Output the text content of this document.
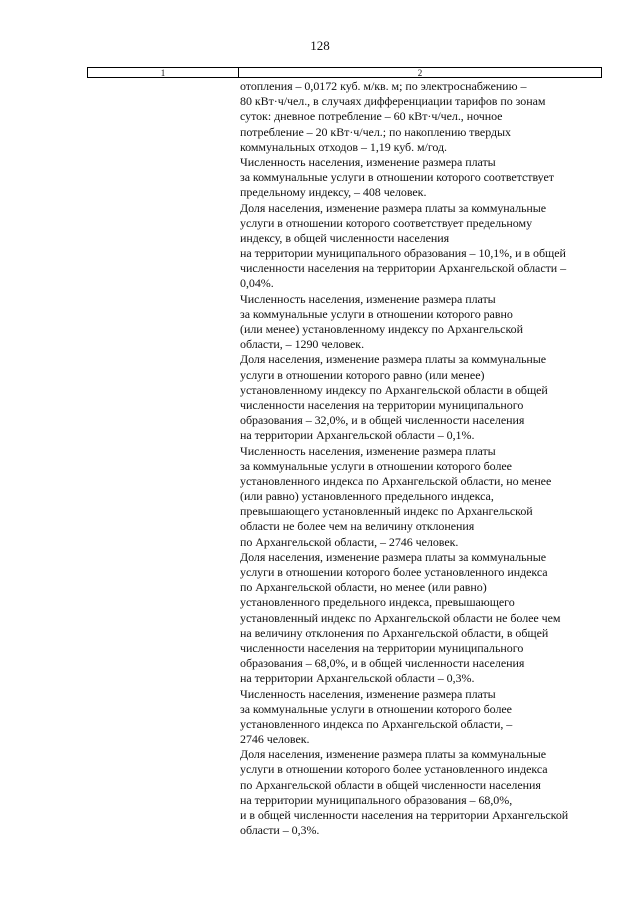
128
1	2
отопления – 0,0172 куб. м/кв. м; по электроснабжению –
80 кВт·ч/чел., в случаях дифференциации тарифов по зонам
суток: дневное потребление – 60 кВт·ч/чел., ночное
потребление – 20 кВт·ч/чел.; по накоплению твердых
коммунальных отходов – 1,19 куб. м/год.
Численность населения, изменение размера платы
за коммунальные услуги в отношении которого соответствует
предельному индексу, – 408 человек.
Доля населения, изменение размера платы за коммунальные
услуги в отношении которого соответствует предельному
индексу, в общей численности населения
на территории муниципального образования – 10,1%, и в общей
численности населения на территории Архангельской области –
0,04%.
Численность населения, изменение размера платы
за коммунальные услуги в отношении которого равно
(или менее) установленному индексу по Архангельской
области, – 1290 человек.
Доля населения, изменение размера платы за коммунальные
услуги в отношении которого равно (или менее)
установленному индексу по Архангельской области в общей
численности населения на территории муниципального
образования – 32,0%, и в общей численности населения
на территории Архангельской области – 0,1%.
Численность населения, изменение размера платы
за коммунальные услуги в отношении которого более
установленного индекса по Архангельской области, но менее
(или равно) установленного предельного индекса,
превышающего установленный индекс по Архангельской
области не более чем на величину отклонения
по Архангельской области, – 2746 человек.
Доля населения, изменение размера платы за коммунальные
услуги в отношении которого более установленного индекса
по Архангельской области, но менее (или равно)
установленного предельного индекса, превышающего
установленный индекс по Архангельской области не более чем
на величину отклонения по Архангельской области, в общей
численности населения на территории муниципального
образования – 68,0%, и в общей численности населения
на территории Архангельской области – 0,3%.
Численность населения, изменение размера платы
за коммунальные услуги в отношении которого более
установленного индекса по Архангельской области, –
2746 человек.
Доля населения, изменение размера платы за коммунальные
услуги в отношении которого более установленного индекса
по Архангельской области в общей численности населения
на территории муниципального образования – 68,0%,
и в общей численности населения на территории Архангельской
области – 0,3%.
